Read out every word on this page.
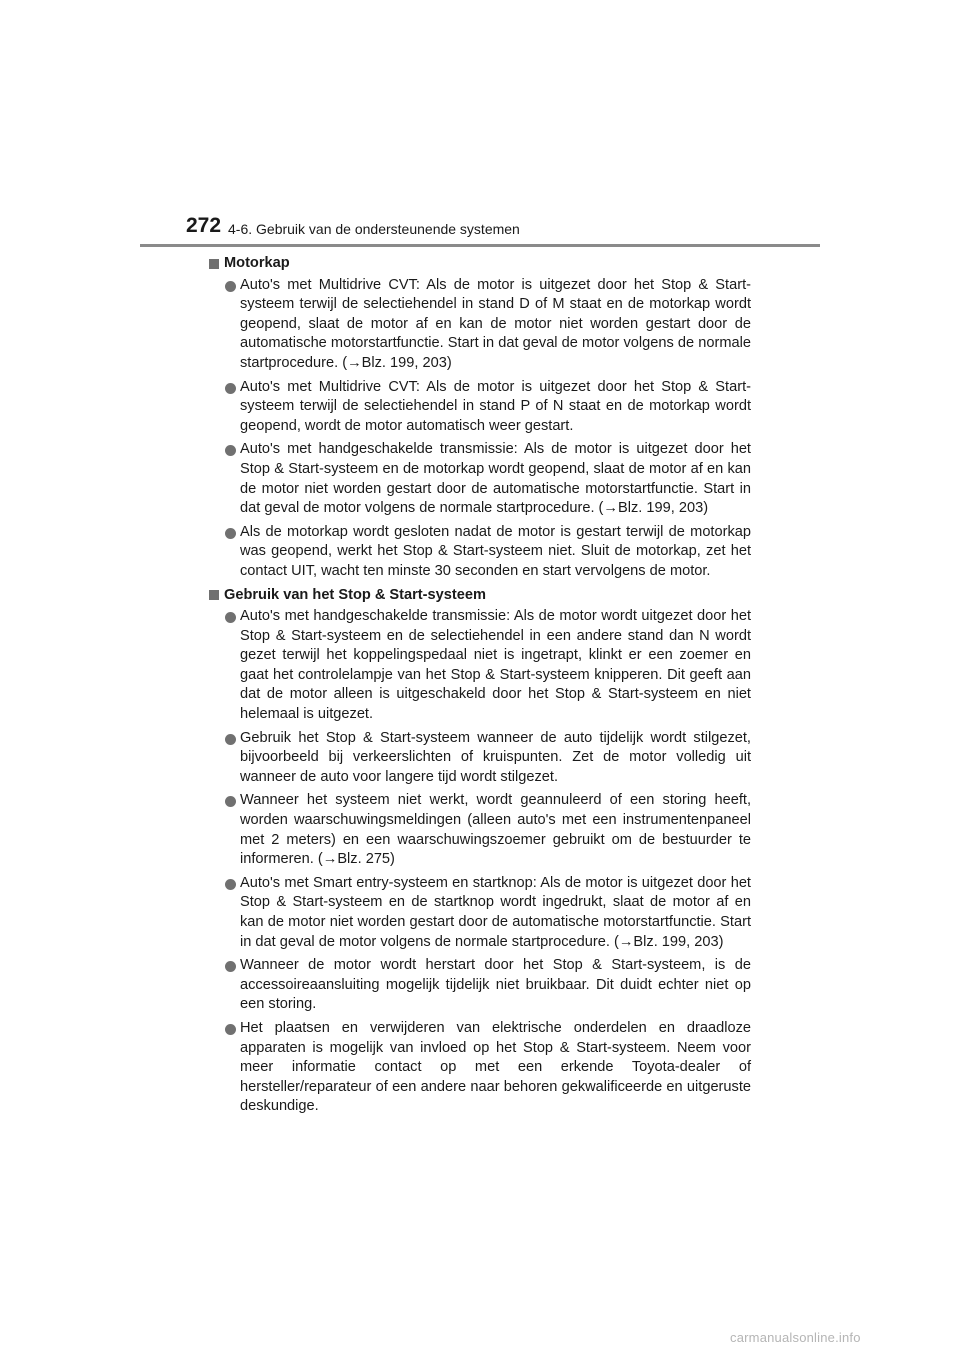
272 4-6. Gebruik van de ondersteunende systemen
Motorkap

Auto's met Multidrive CVT: Als de motor is uitgezet door het Stop & Start-systeem terwijl de selectiehendel in stand D of M staat en de motorkap wordt geopend, slaat de motor af en kan de motor niet worden gestart door de automatische motorstartfunctie. Start in dat geval de motor volgens de normale startprocedure. (→Blz. 199, 203)

Auto's met Multidrive CVT: Als de motor is uitgezet door het Stop & Start-systeem terwijl de selectiehendel in stand P of N staat en de motorkap wordt geopend, wordt de motor automatisch weer gestart.

Auto's met handgeschakelde transmissie: Als de motor is uitgezet door het Stop & Start-systeem en de motorkap wordt geopend, slaat de motor af en kan de motor niet worden gestart door de automatische motorstartfunctie. Start in dat geval de motor volgens de normale startprocedure. (→Blz. 199, 203)

Als de motorkap wordt gesloten nadat de motor is gestart terwijl de motorkap was geopend, werkt het Stop & Start-systeem niet. Sluit de motorkap, zet het contact UIT, wacht ten minste 30 seconden en start vervolgens de motor.

Gebruik van het Stop & Start-systeem

Auto's met handgeschakelde transmissie: Als de motor wordt uitgezet door het Stop & Start-systeem en de selectiehendel in een andere stand dan N wordt gezet terwijl het koppelingspedaal niet is ingetrapt, klinkt er een zoemer en gaat het controlelampje van het Stop & Start-systeem knipperen. Dit geeft aan dat de motor alleen is uitgeschakeld door het Stop & Start-systeem en niet helemaal is uitgezet.

Gebruik het Stop & Start-systeem wanneer de auto tijdelijk wordt stilgezet, bijvoorbeeld bij verkeerslichten of kruispunten. Zet de motor volledig uit wanneer de auto voor langere tijd wordt stilgezet.

Wanneer het systeem niet werkt, wordt geannuleerd of een storing heeft, worden waarschuwingsmeldingen (alleen auto's met een instrumentenpaneel met 2 meters) en een waarschuwingszoemer gebruikt om de bestuurder te informeren. (→Blz. 275)

Auto's met Smart entry-systeem en startknop: Als de motor is uitgezet door het Stop & Start-systeem en de startknop wordt ingedrukt, slaat de motor af en kan de motor niet worden gestart door de automatische motorstartfunctie. Start in dat geval de motor volgens de normale startprocedure. (→Blz. 199, 203)

Wanneer de motor wordt herstart door het Stop & Start-systeem, is de accessoireaansluiting mogelijk tijdelijk niet bruikbaar. Dit duidt echter niet op een storing.

Het plaatsen en verwijderen van elektrische onderdelen en draadloze apparaten is mogelijk van invloed op het Stop & Start-systeem. Neem voor meer informatie contact op met een erkende Toyota-dealer of hersteller/reparateur of een andere naar behoren gekwalificeerde en uitgeruste deskundige.

carmanualsonline.info
